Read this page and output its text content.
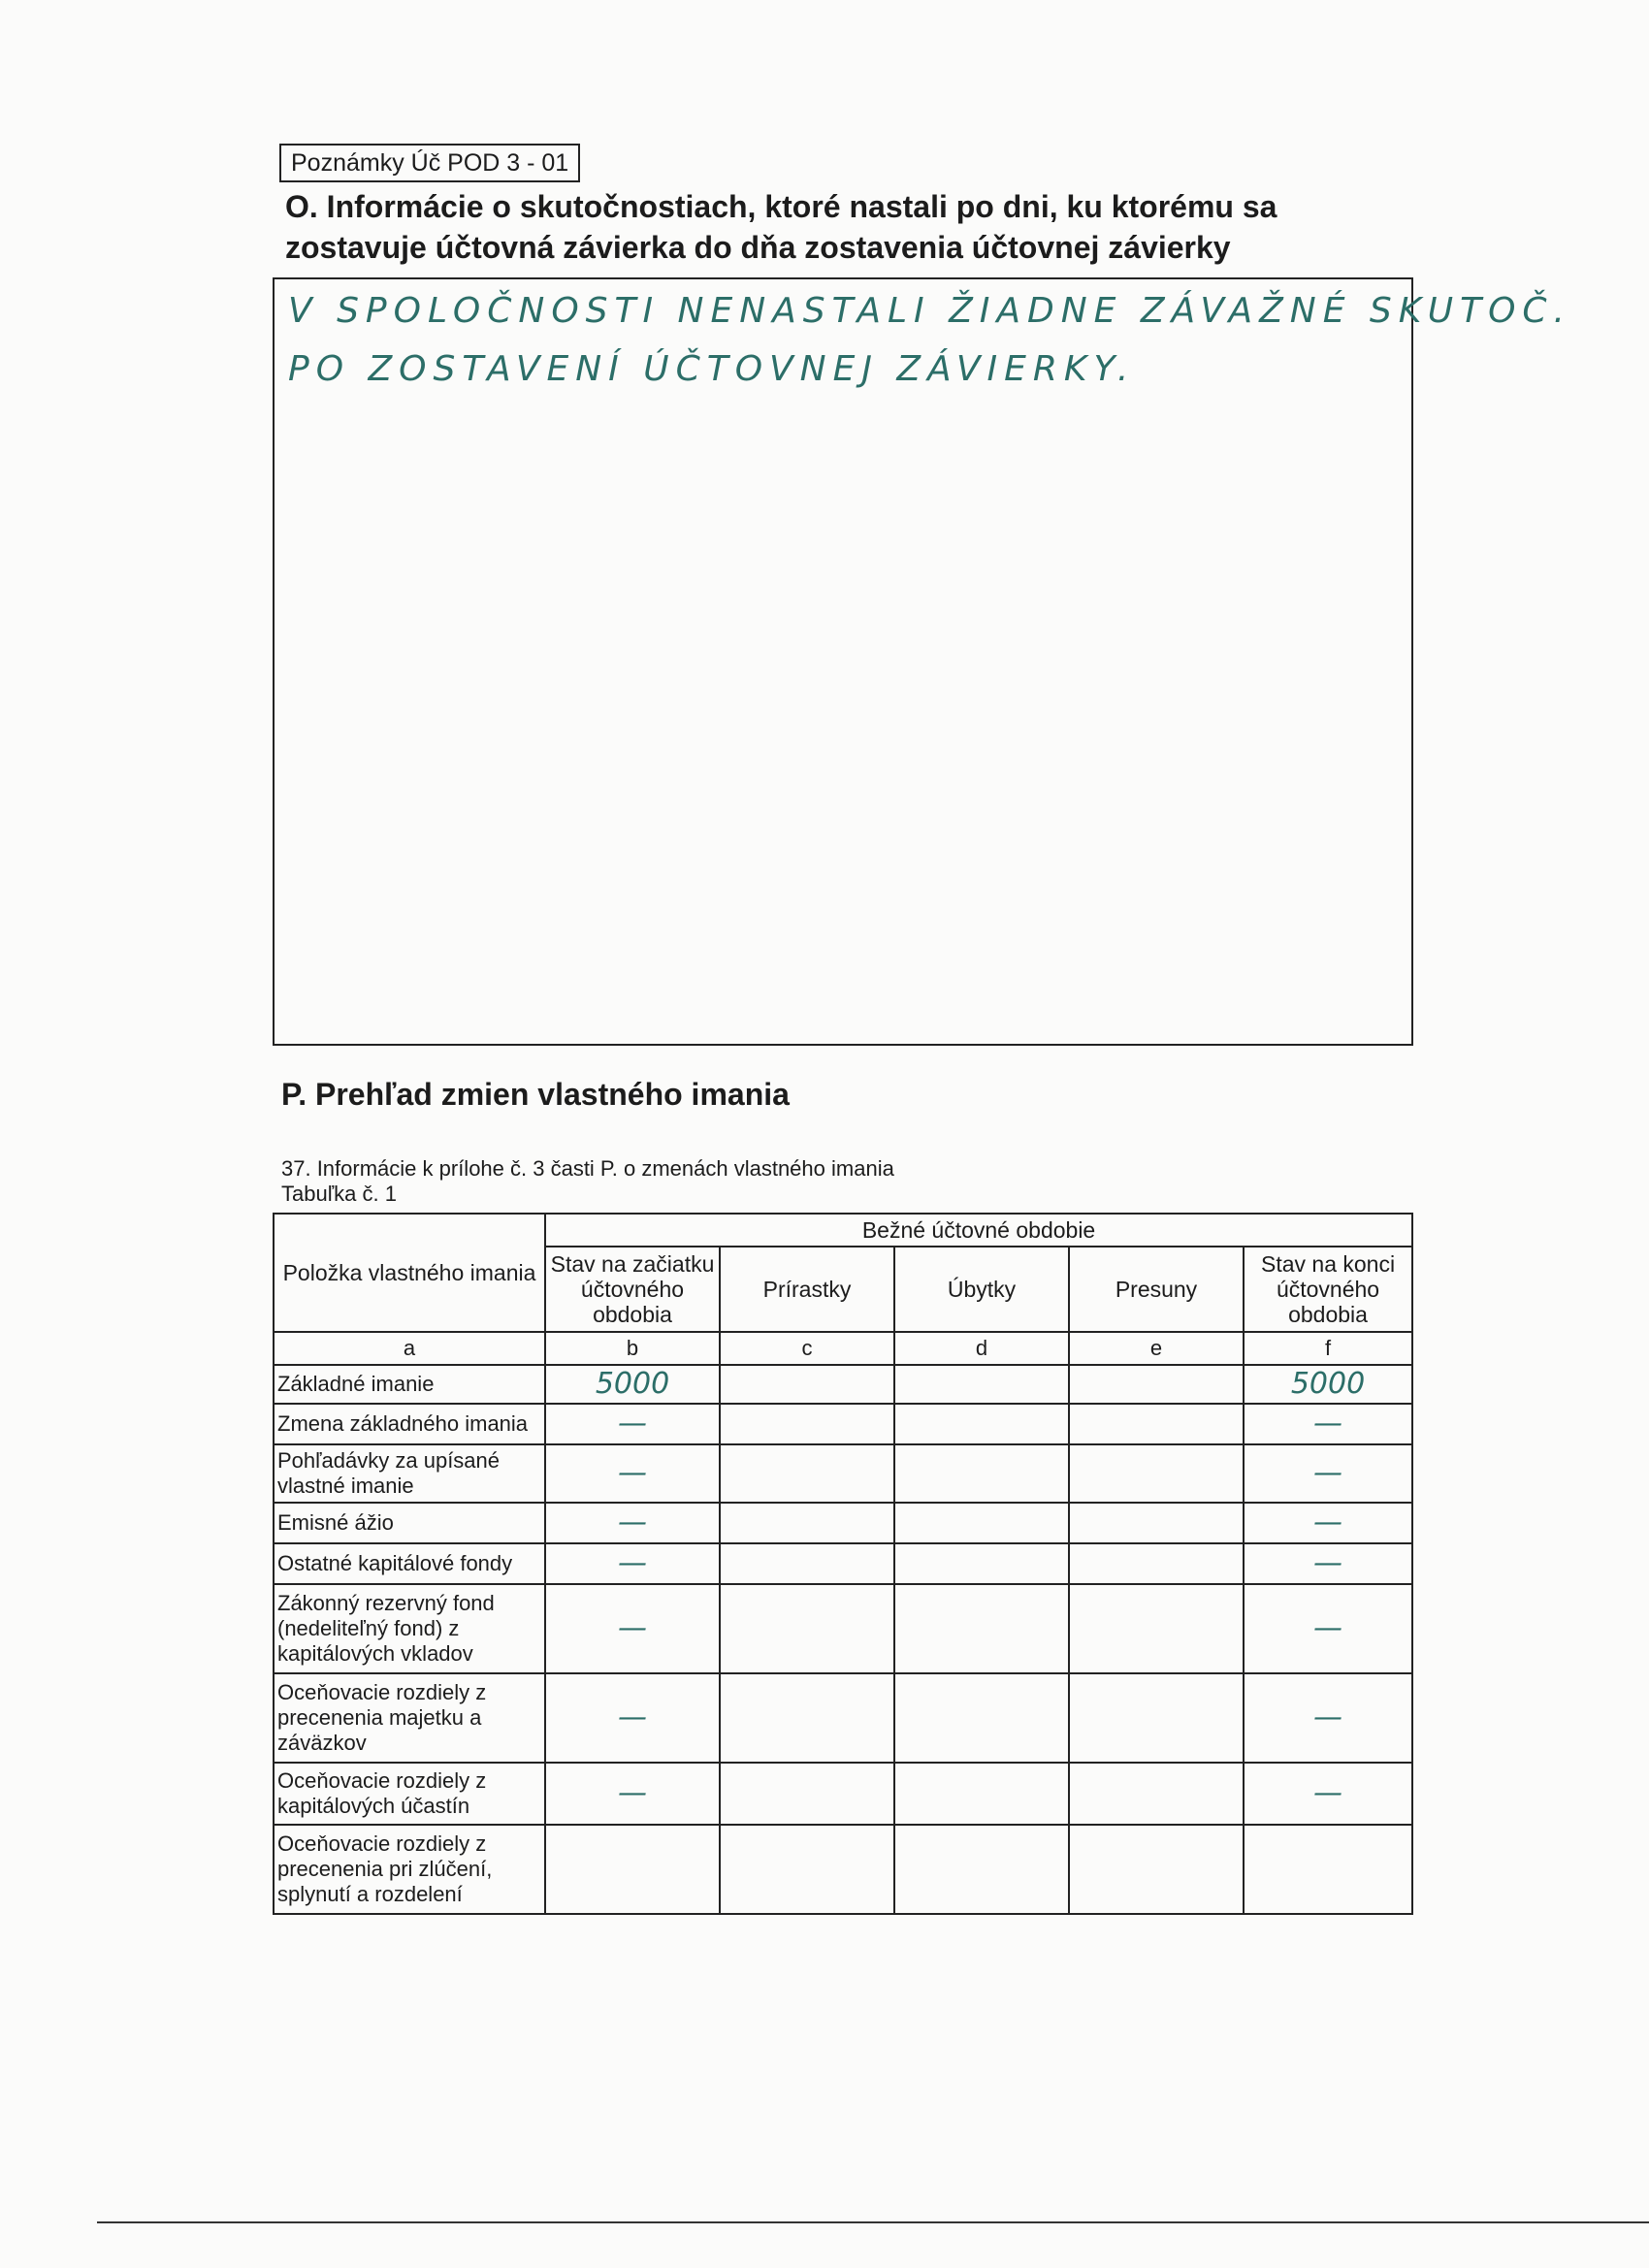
Poznámky Úč POD 3 - 01
O. Informácie o skutočnostiach, ktoré nastali po dni, ku ktorému sa zostavuje účtovná závierka do dňa zostavenia účtovnej závierky
V SPOLOČNOSTI NENASTALI ŽIADNE ZÁVAŽNÉ SKUTOČ.
PO ZOSTAVENÍ ÚČTOVNEJ ZÁVIERKY.
P. Prehľad zmien vlastného imania
37. Informácie k prílohe č. 3 časti P. o zmenách vlastného imania
Tabuľka č. 1
Položka vlastného imania	Bežné účtovné obdobie				
	Stav na začiatku účtovného obdobia	Prírastky	Úbytky	Presuny	Stav na konci účtovného obdobia
a	b	c	d	e	f
Základné imanie	5000				5000
Zmena základného imania	—				—
Pohľadávky za upísané vlastné imanie	—				—
Emisné ážio	—				—
Ostatné kapitálové fondy	—				—
Zákonný rezervný fond (nedeliteľný fond) z kapitálových vkladov	—				—
Oceňovacie rozdiely z precenenia majetku a záväzkov	—				—
Oceňovacie rozdiely z kapitálových účastín	—				—
Oceňovacie rozdiely z precenenia pri zlúčení, splynutí a rozdelení					
